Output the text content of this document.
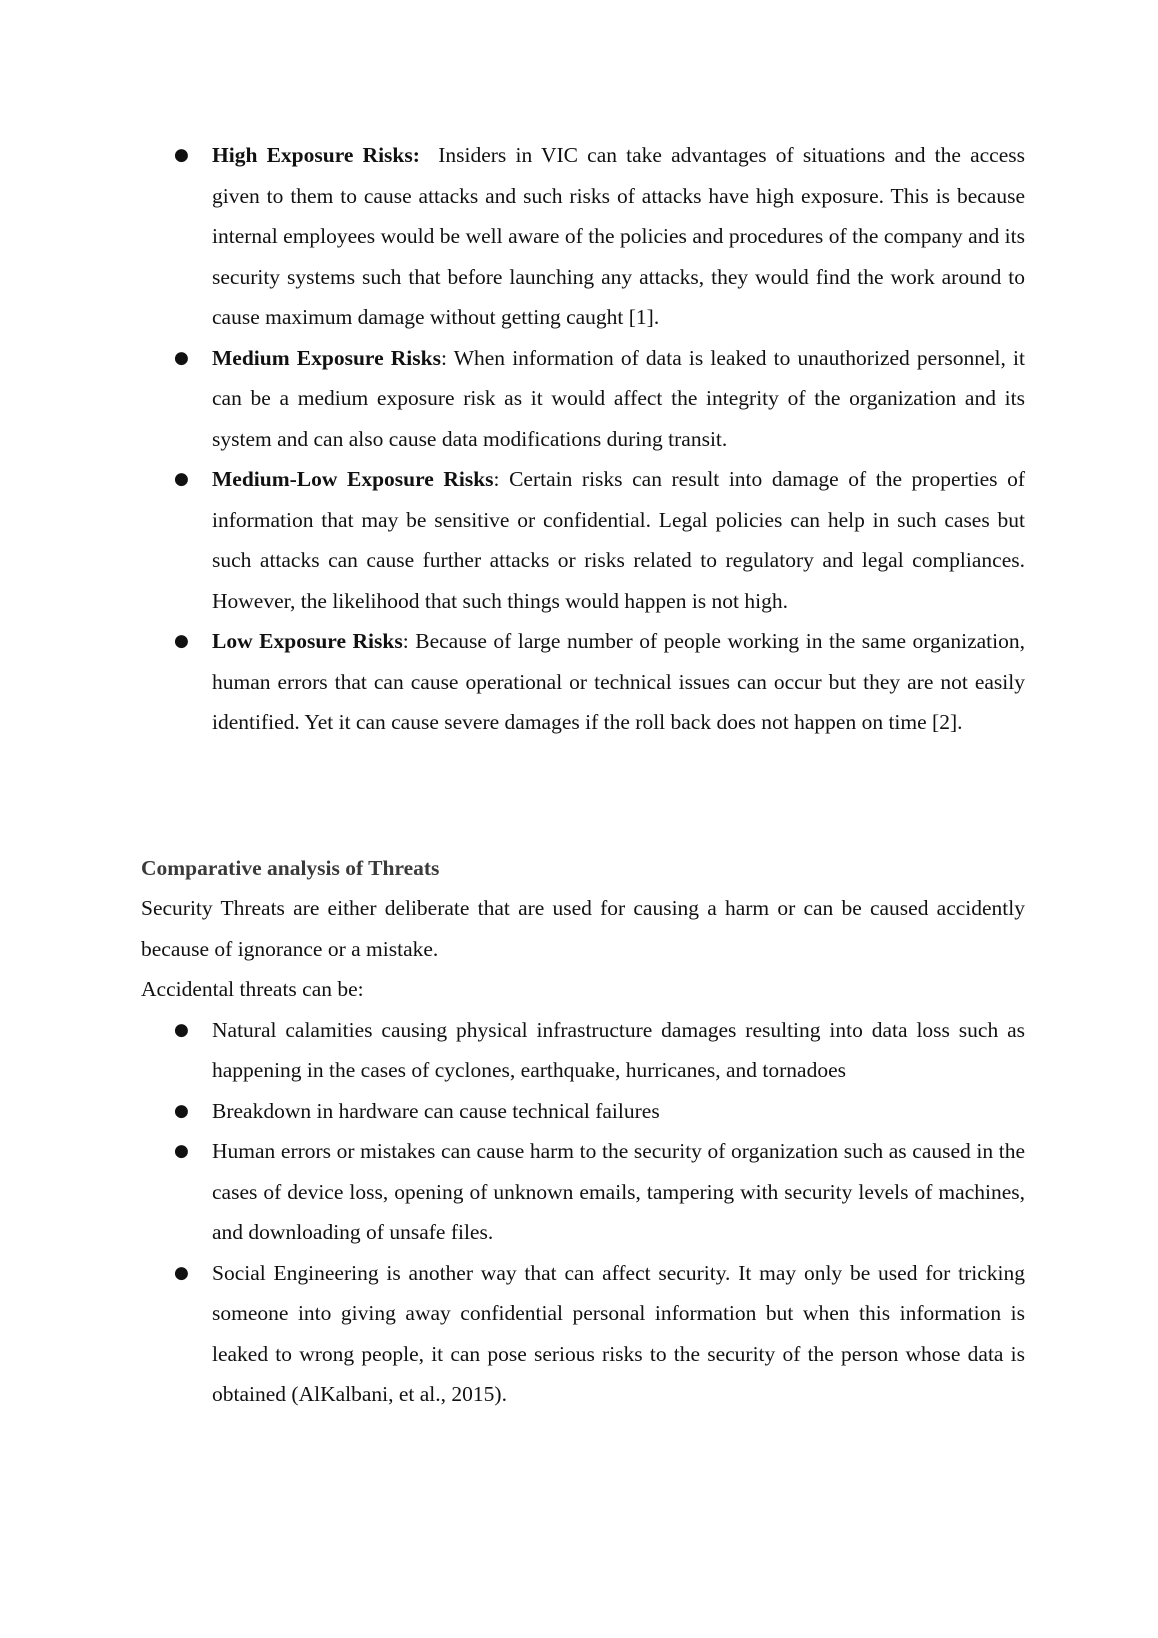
● High Exposure Risks:  Insiders in VIC can take advantages of situations and the access given to them to cause attacks and such risks of attacks have high exposure. This is because internal employees would be well aware of the policies and procedures of the company and its security systems such that before launching any attacks, they would find the work around to cause maximum damage without getting caught [1].
● Medium Exposure Risks: When information of data is leaked to unauthorized personnel, it can be a medium exposure risk as it would affect the integrity of the organization and its system and can also cause data modifications during transit.
● Medium-Low Exposure Risks: Certain risks can result into damage of the properties of information that may be sensitive or confidential. Legal policies can help in such cases but such attacks can cause further attacks or risks related to regulatory and legal compliances. However, the likelihood that such things would happen is not high.
● Low Exposure Risks: Because of large number of people working in the same organization, human errors that can cause operational or technical issues can occur but they are not easily identified. Yet it can cause severe damages if the roll back does not happen on time [2].
Comparative analysis of Threats

Security Threats are either deliberate that are used for causing a harm or can be caused accidently because of ignorance or a mistake.

Accidental threats can be:

● Natural calamities causing physical infrastructure damages resulting into data loss such as happening in the cases of cyclones, earthquake, hurricanes, and tornadoes
● Breakdown in hardware can cause technical failures
● Human errors or mistakes can cause harm to the security of organization such as caused in the cases of device loss, opening of unknown emails, tampering with security levels of machines, and downloading of unsafe files.
● Social Engineering is another way that can affect security. It may only be used for tricking someone into giving away confidential personal information but when this information is leaked to wrong people, it can pose serious risks to the security of the person whose data is obtained (AlKalbani, et al., 2015).
